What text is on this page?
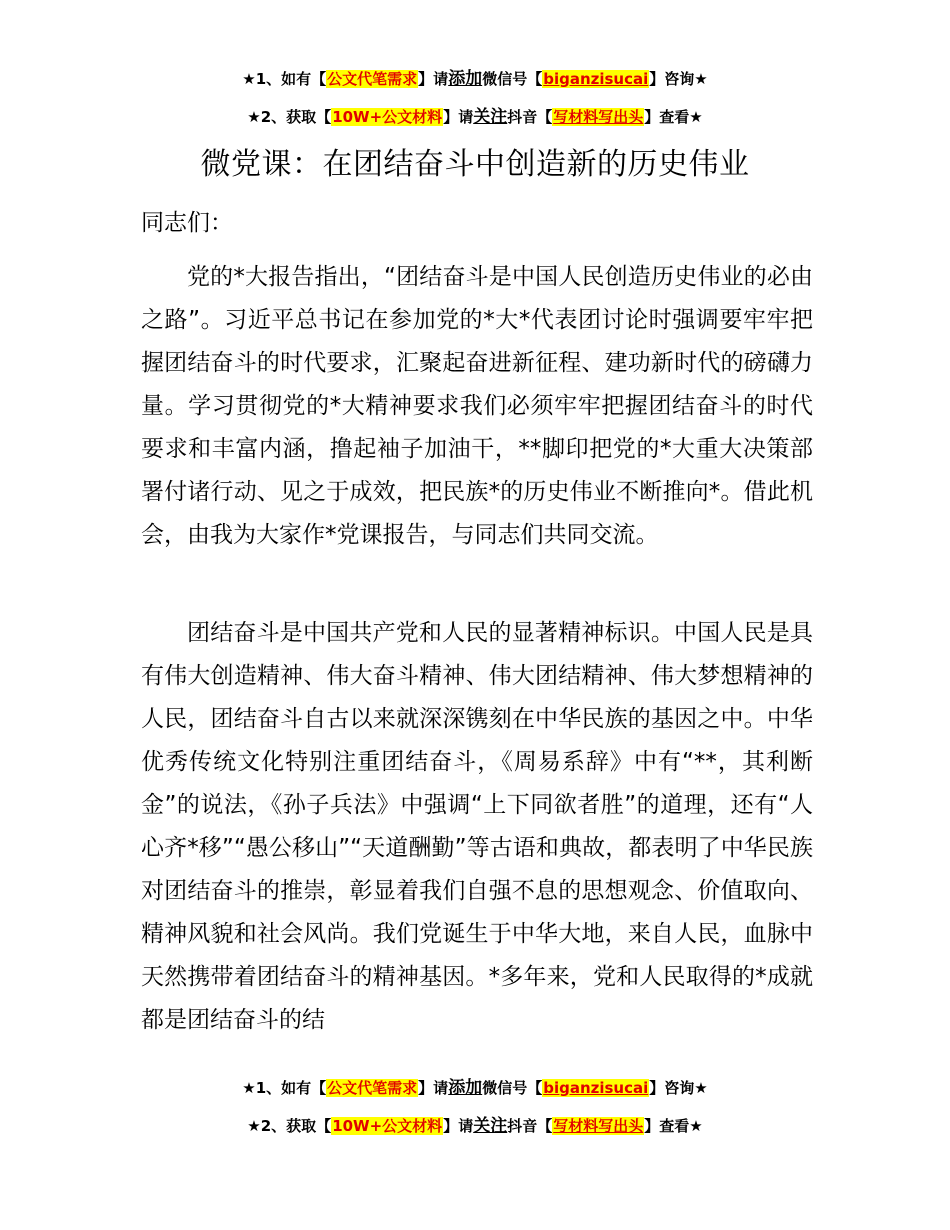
★1、如有【公文代笔需求】请添加微信号【biganzisucai】咨询★
★2、获取【10W+公文材料】请关注抖音【写材料写出头】查看★
微党课：在团结奋斗中创造新的历史伟业
同志们：

党的*大报告指出，“团结奋斗是中国人民创造历史伟业的必由之路”。习近平总书记在参加党的*大*代表团讨论时强调要牢牢把握团结奋斗的时代要求，汇聚起奋进新征程、建功新时代的磅礴力量。学习贯彻党的*大精神要求我们必须牢牢把握团结奋斗的时代要求和丰富内涵，撸起袖子加油干，**脚印把党的*大重大决策部署付诸行动、见之于成效，把民族*的历史伟业不断推向*。借此机会，由我为大家作*党课报告，与同志们共同交流。

团结奋斗是中国共产党和人民的显著精神标识。中国人民是具有伟大创造精神、伟大奋斗精神、伟大团结精神、伟大梦想精神的人民，团结奋斗自古以来就深深镌刻在中华民族的基因之中。中华优秀传统文化特别注重团结奋斗，《周易系辞》中有“**，其利断金”的说法，《孙子兵法》中强调“上下同欲者胜”的道理，还有“人心齐*移”“愚公移山”“天道酬勤”等古语和典故，都表明了中华民族对团结奋斗的推崇，彰显着我们自强不息的思想观念、价值取向、精神风貌和社会风尚。我们党诞生于中华大地，来自人民，血脉中天然携带着团结奋斗的精神基因。*多年来，党和人民取得的*成就都是团结奋斗的结

★1、如有【公文代笔需求】请添加微信号【biganzisucai】咨询★
★2、获取【10W+公文材料】请关注抖音【写材料写出头】查看★
